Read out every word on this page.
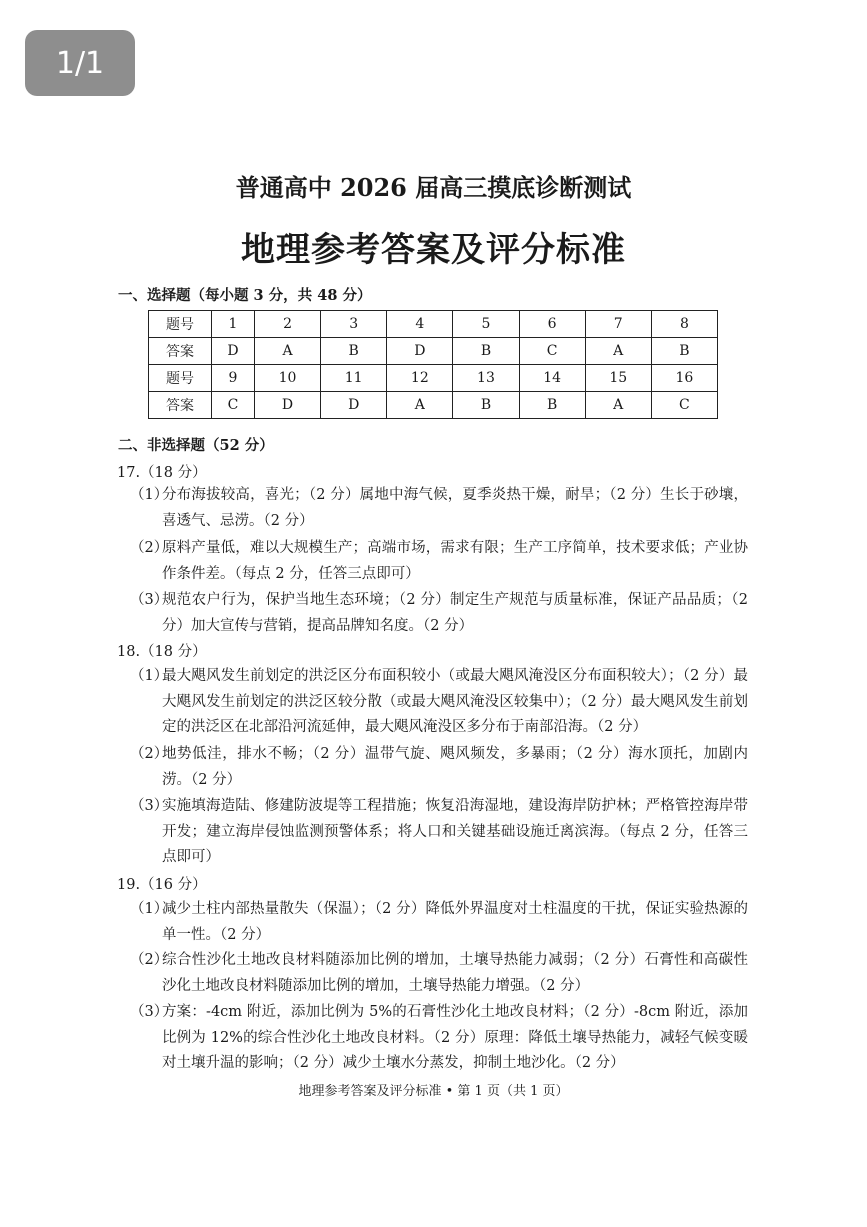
1/1
普通高中 2026 届高三摸底诊断测试
地理参考答案及评分标准
一、选择题（每小题 3 分，共 48 分）
题号	1	2	3	4	5	6	7	8
答案	D	A	B	D	B	C	A	B
题号	9	10	11	12	13	14	15	16
答案	C	D	D	A	B	B	A	C
二、非选择题（52 分）
17.（18 分）
（1）
分布海拔较高，喜光；（2 分）属地中海气候，夏季炎热干燥，耐旱；（2 分）生长于砂壤，喜透气、忌涝。（2 分）
（2）
原料产量低，难以大规模生产；高端市场，需求有限；生产工序简单，技术要求低；产业协作条件差。（每点 2 分，任答三点即可）
（3）
规范农户行为，保护当地生态环境；（2 分）制定生产规范与质量标准，保证产品品质；（2 分）加大宣传与营销，提高品牌知名度。（2 分）
18.（18 分）
（1）
最大飓风发生前划定的洪泛区分布面积较小（或最大飓风淹没区分布面积较大）；（2 分）最大飓风发生前划定的洪泛区较分散（或最大飓风淹没区较集中）；（2 分）最大飓风发生前划定的洪泛区在北部沿河流延伸，最大飓风淹没区多分布于南部沿海。（2 分）
（2）
地势低洼，排水不畅；（2 分）温带气旋、飓风频发，多暴雨；（2 分）海水顶托，加剧内涝。（2 分）
（3）
实施填海造陆、修建防波堤等工程措施；恢复沿海湿地，建设海岸防护林；严格管控海岸带开发；建立海岸侵蚀监测预警体系；将人口和关键基础设施迁离滨海。（每点 2 分，任答三点即可）
19.（16 分）
（1）
减少土柱内部热量散失（保温）；（2 分）降低外界温度对土柱温度的干扰，保证实验热源的单一性。（2 分）
（2）
综合性沙化土地改良材料随添加比例的增加，土壤导热能力减弱；（2 分）石膏性和高碳性沙化土地改良材料随添加比例的增加，土壤导热能力增强。（2 分）
（3）
方案：-4cm 附近，添加比例为 5%的石膏性沙化土地改良材料；（2 分）-8cm 附近，添加比例为 12%的综合性沙化土地改良材料。（2 分）原理：降低土壤导热能力，减轻气候变暖对土壤升温的影响；（2 分）减少土壤水分蒸发，抑制土地沙化。（2 分）
地理参考答案及评分标准 • 第 1 页（共 1 页）
